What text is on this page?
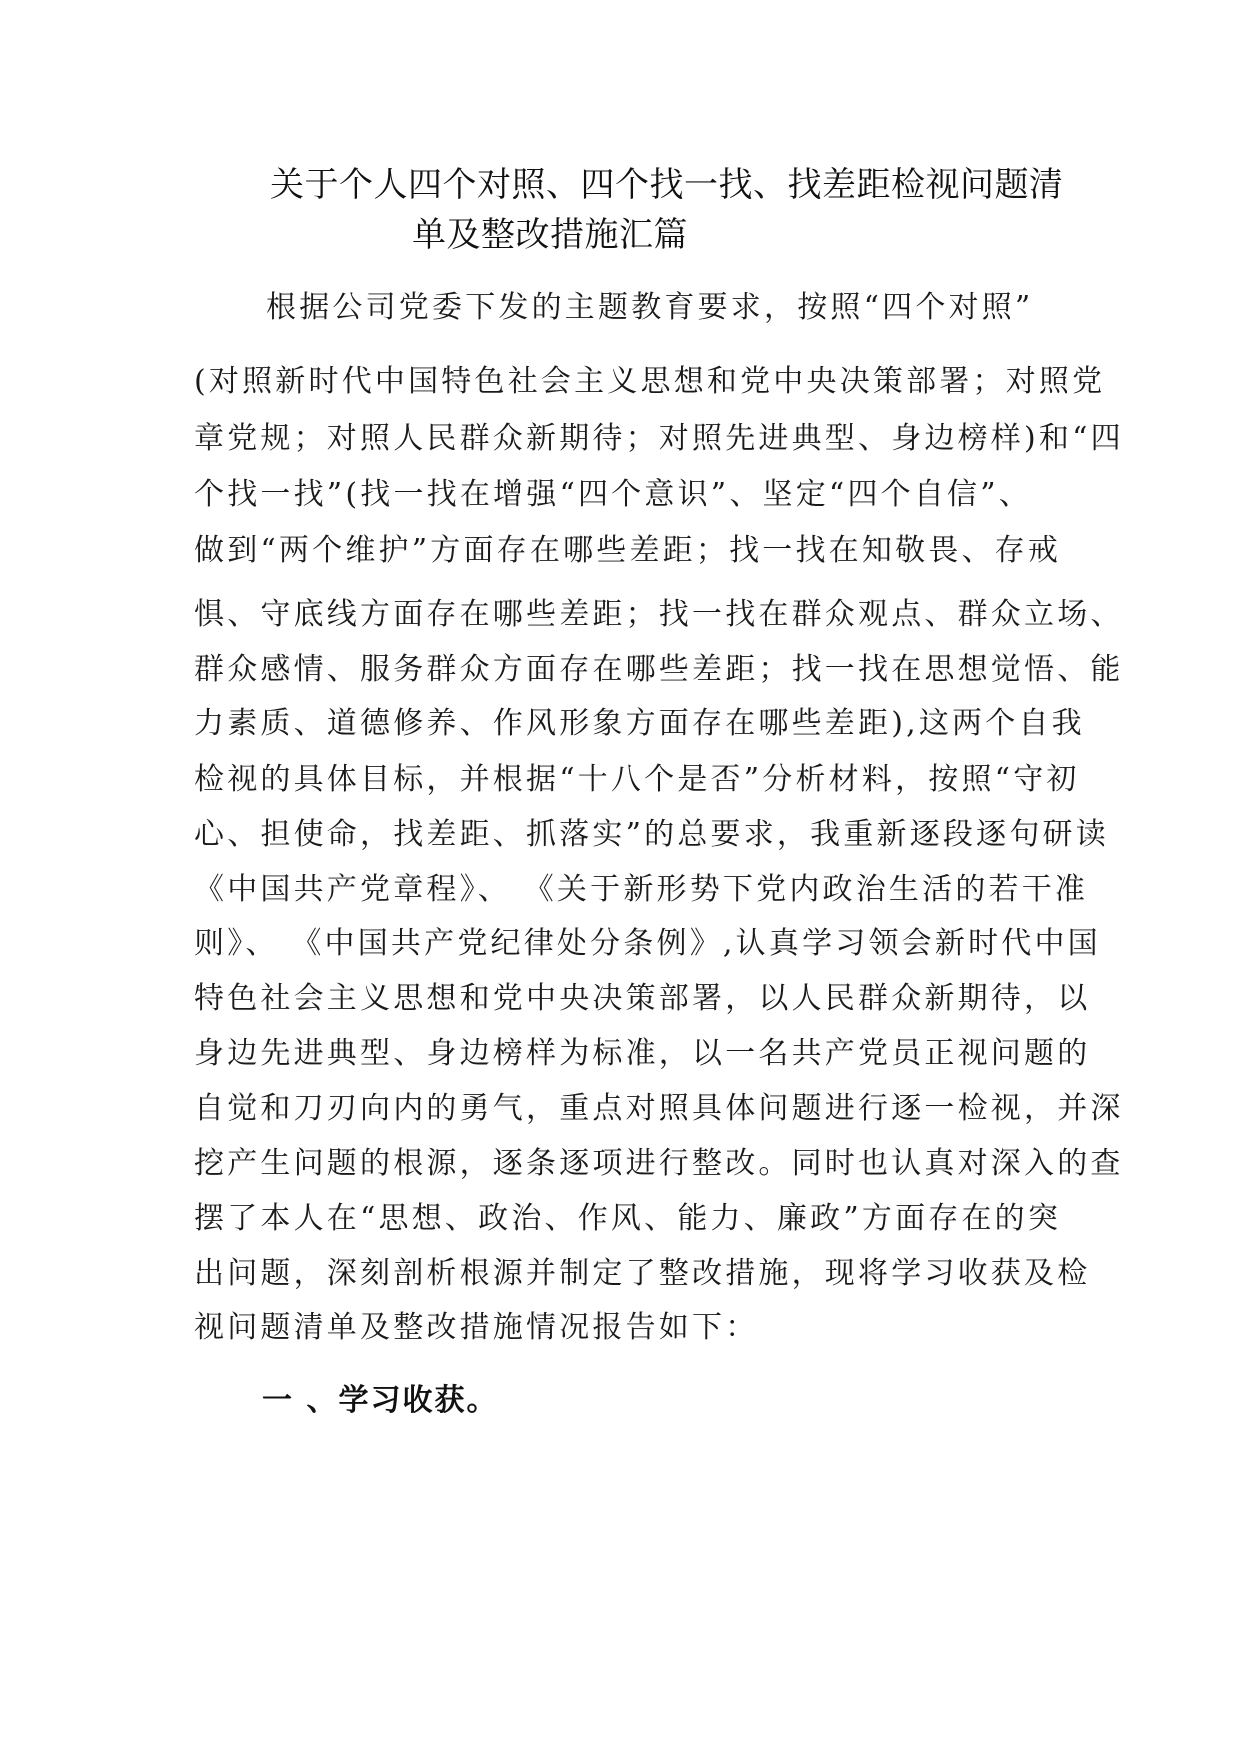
关于个人四个对照、四个找一找、找差距检视问题清
单及整改措施汇篇
根据公司党委下发的主题教育要求，按照“四个对照”
(对照新时代中国特色社会主义思想和党中央决策部署；对照党
章党规；对照人民群众新期待；对照先进典型、身边榜样)和“四
个找一找”(找一找在增强“四个意识”、坚定“四个自信”、
做到“两个维护”方面存在哪些差距；找一找在知敬畏、存戒
惧、守底线方面存在哪些差距；找一找在群众观点、群众立场、
群众感情、服务群众方面存在哪些差距；找一找在思想觉悟、能
力素质、道德修养、作风形象方面存在哪些差距),这两个自我
检视的具体目标，并根据“十八个是否”分析材料，按照“守初
心、担使命，找差距、抓落实”的总要求，我重新逐段逐句研读
《中国共产党章程》、 《关于新形势下党内政治生活的若干准
则》、 《中国共产党纪律处分条例》,认真学习领会新时代中国
特色社会主义思想和党中央决策部署，以人民群众新期待，以
身边先进典型、身边榜样为标准，以一名共产党员正视问题的
自觉和刀刃向内的勇气，重点对照具体问题进行逐一检视，并深
挖产生问题的根源，逐条逐项进行整改。同时也认真对深入的查
摆了本人在“思想、政治、作风、能力、廉政”方面存在的突
出问题，深刻剖析根源并制定了整改措施，现将学习收获及检
视问题清单及整改措施情况报告如下：
一 、学习收获。
